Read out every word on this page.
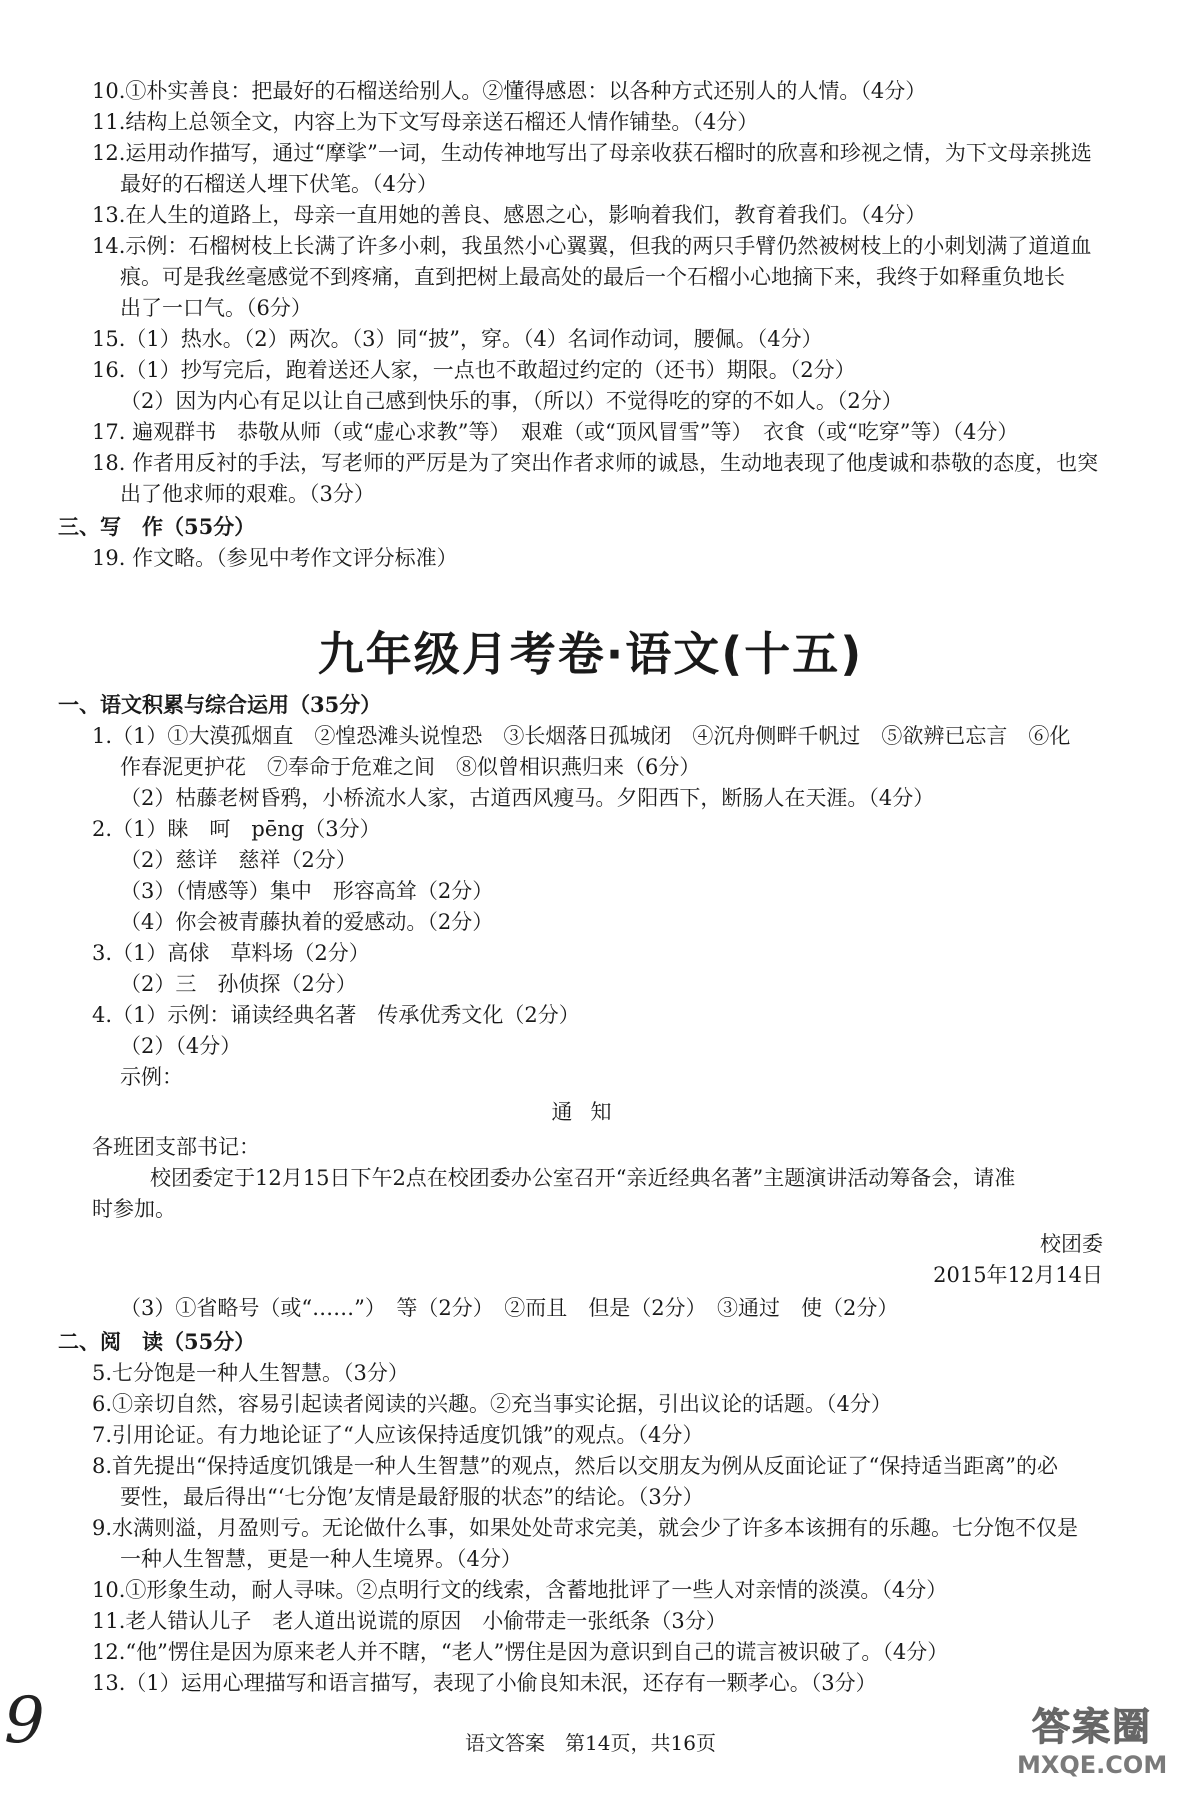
10.①朴实善良：把最好的石榴送给别人。②懂得感恩：以各种方式还别人的人情。（4分）
11.结构上总领全文，内容上为下文写母亲送石榴还人情作铺垫。（4分）
12.运用动作描写，通过“摩挲”一词，生动传神地写出了母亲收获石榴时的欣喜和珍视之情，为下文母亲挑选
最好的石榴送人埋下伏笔。（4分）
13.在人生的道路上，母亲一直用她的善良、感恩之心，影响着我们，教育着我们。（4分）
14.示例：石榴树枝上长满了许多小刺，我虽然小心翼翼，但我的两只手臂仍然被树枝上的小刺划满了道道血
痕。可是我丝毫感觉不到疼痛，直到把树上最高处的最后一个石榴小心地摘下来，我终于如释重负地长
出了一口气。（6分）
15.（1）热水。（2）两次。（3）同“披”，穿。（4）名词作动词，腰佩。（4分）
16.（1）抄写完后，跑着送还人家，一点也不敢超过约定的（还书）期限。（2分）
（2）因为内心有足以让自己感到快乐的事，（所以）不觉得吃的穿的不如人。（2分）
17. 遍观群书　恭敬从师（或“虚心求教”等）　艰难（或“顶风冒雪”等）　衣食（或“吃穿”等）（4分）
18. 作者用反衬的手法，写老师的严厉是为了突出作者求师的诚恳，生动地表现了他虔诚和恭敬的态度，也突
出了他求师的艰难。（3分）
三、写　作（55分）
19. 作文略。（参见中考作文评分标准）
九年级月考卷·语文(十五)
一、语文积累与综合运用（35分）
1.（1）①大漠孤烟直　②惶恐滩头说惶恐　③长烟落日孤城闭　④沉舟侧畔千帆过　⑤欲辨已忘言　⑥化
作春泥更护花　⑦奉命于危难之间　⑧似曾相识燕归来（6分）
（2）枯藤老树昏鸦，小桥流水人家，古道西风瘦马。夕阳西下，断肠人在天涯。（4分）
2.（1）睐　呵　pēng（3分）
（2）慈详　慈祥（2分）
（3）（情感等）集中　形容高耸（2分）
（4）你会被青藤执着的爱感动。（2分）
3.（1）高俅　草料场（2分）
（2）三　孙侦探（2分）
4.（1）示例：诵读经典名著　传承优秀文化（2分）
（2）（4分）
示例：
通知
各班团支部书记：
校团委定于12月15日下午2点在校团委办公室召开“亲近经典名著”主题演讲活动筹备会，请准
时参加。
校团委
2015年12月14日
（3）①省略号（或“……”）　等（2分）　②而且　但是（2分）　③通过　使（2分）
二、阅　读（55分）
5.七分饱是一种人生智慧。（3分）
6.①亲切自然，容易引起读者阅读的兴趣。②充当事实论据，引出议论的话题。（4分）
7.引用论证。有力地论证了“人应该保持适度饥饿”的观点。（4分）
8.首先提出“保持适度饥饿是一种人生智慧”的观点，然后以交朋友为例从反面论证了“保持适当距离”的必
要性，最后得出“‘七分饱’友情是最舒服的状态”的结论。（3分）
9.水满则溢，月盈则亏。无论做什么事，如果处处苛求完美，就会少了许多本该拥有的乐趣。七分饱不仅是
一种人生智慧，更是一种人生境界。（4分）
10.①形象生动，耐人寻味。②点明行文的线索，含蓄地批评了一些人对亲情的淡漠。（4分）
11.老人错认儿子　老人道出说谎的原因　小偷带走一张纸条（3分）
12.“他”愣住是因为原来老人并不瞎，“老人”愣住是因为意识到自己的谎言被识破了。（4分）
13.（1）运用心理描写和语言描写，表现了小偷良知未泯，还存有一颗孝心。（3分）
语文答案　第14页，共16页
9	答案圈
MXQE.COM
